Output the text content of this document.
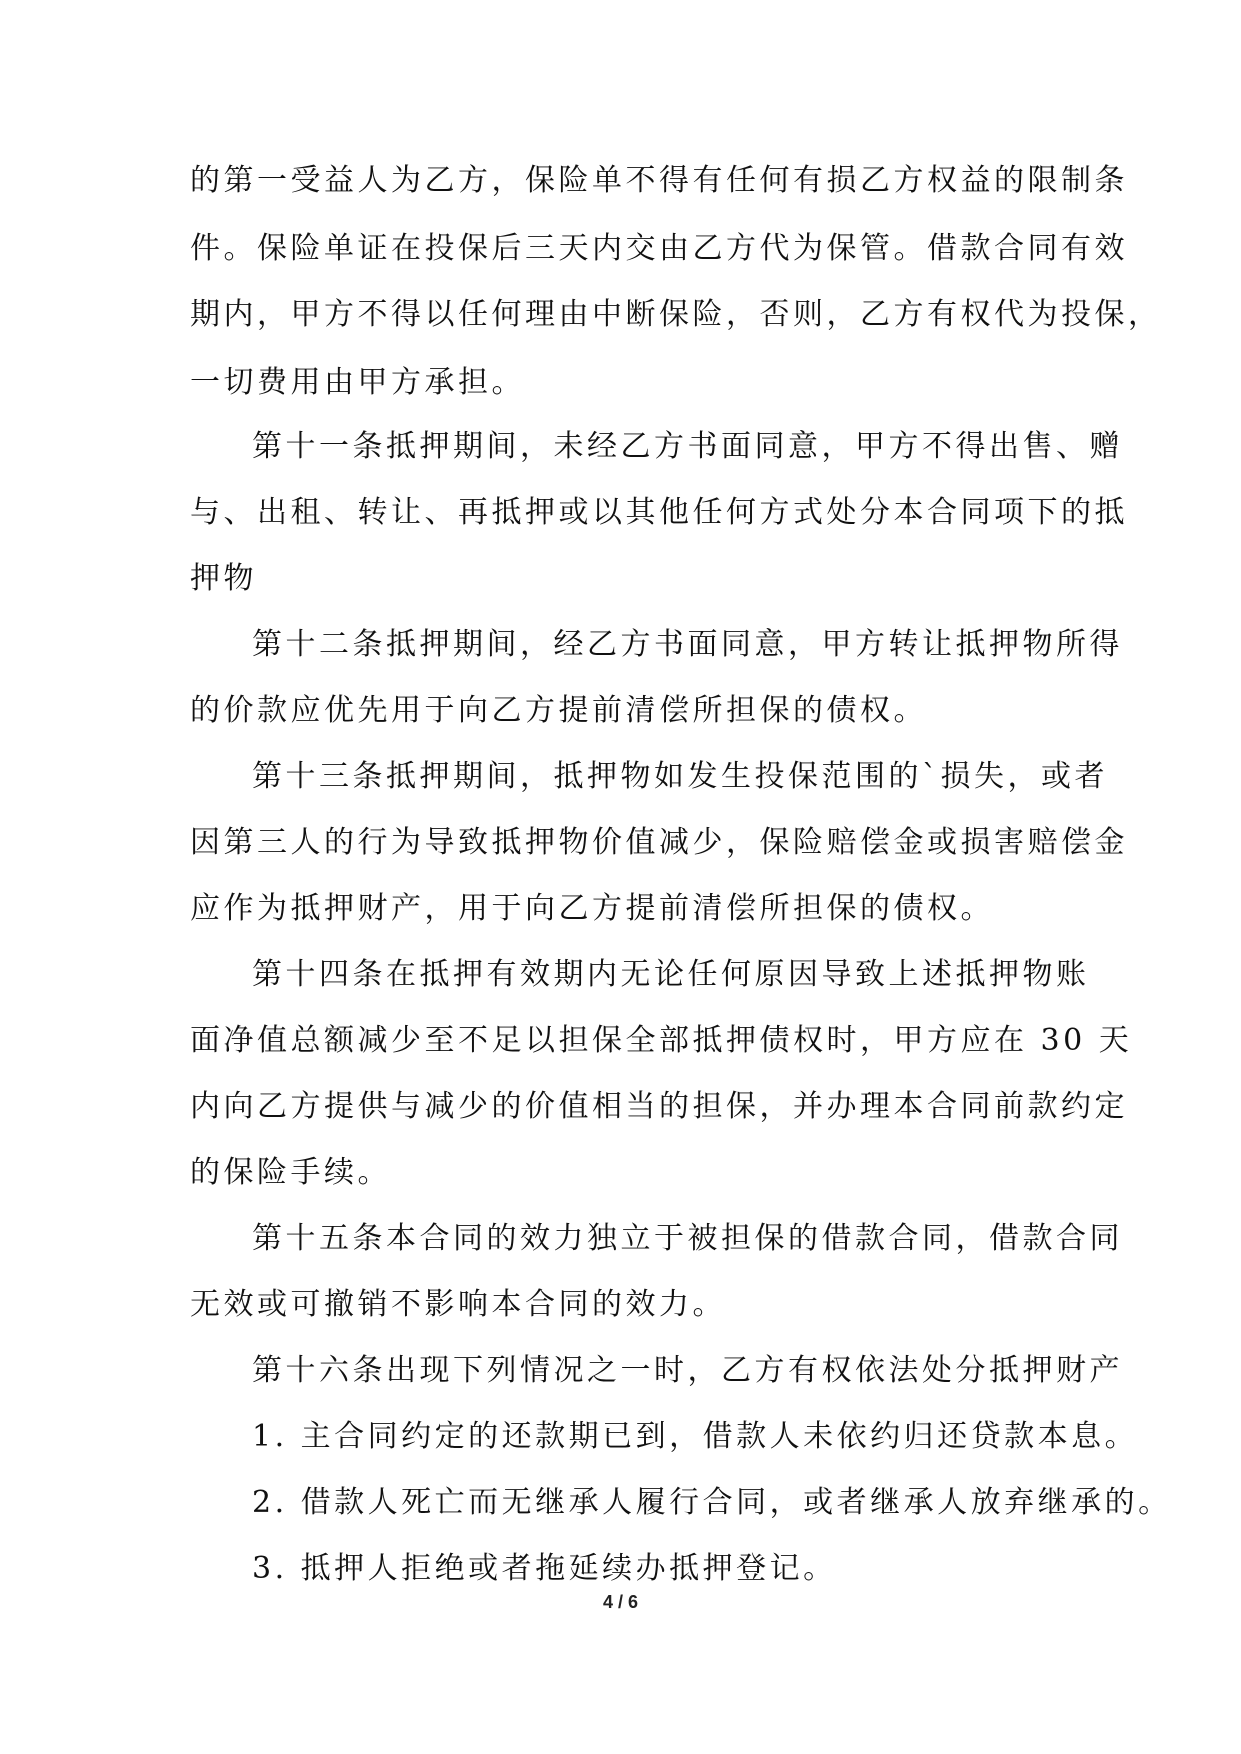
的第一受益人为乙方，保险单不得有任何有损乙方权益的限制条
件。保险单证在投保后三天内交由乙方代为保管。借款合同有效
期内，甲方不得以任何理由中断保险，否则，乙方有权代为投保，
一切费用由甲方承担。
第十一条抵押期间，未经乙方书面同意，甲方不得出售、赠
与、出租、转让、再抵押或以其他任何方式处分本合同项下的抵
押物
第十二条抵押期间，经乙方书面同意，甲方转让抵押物所得
的价款应优先用于向乙方提前清偿所担保的债权。
第十三条抵押期间，抵押物如发生投保范围的`损失，或者
因第三人的行为导致抵押物价值减少，保险赔偿金或损害赔偿金
应作为抵押财产，用于向乙方提前清偿所担保的债权。
第十四条在抵押有效期内无论任何原因导致上述抵押物账
面净值总额减少至不足以担保全部抵押债权时，甲方应在 30 天
内向乙方提供与减少的价值相当的担保，并办理本合同前款约定
的保险手续。
第十五条本合同的效力独立于被担保的借款合同，借款合同
无效或可撤销不影响本合同的效力。
第十六条出现下列情况之一时，乙方有权依法处分抵押财产
1. 主合同约定的还款期已到，借款人未依约归还贷款本息。
2. 借款人死亡而无继承人履行合同，或者继承人放弃继承的。
3. 抵押人拒绝或者拖延续办抵押登记。
4 / 6
